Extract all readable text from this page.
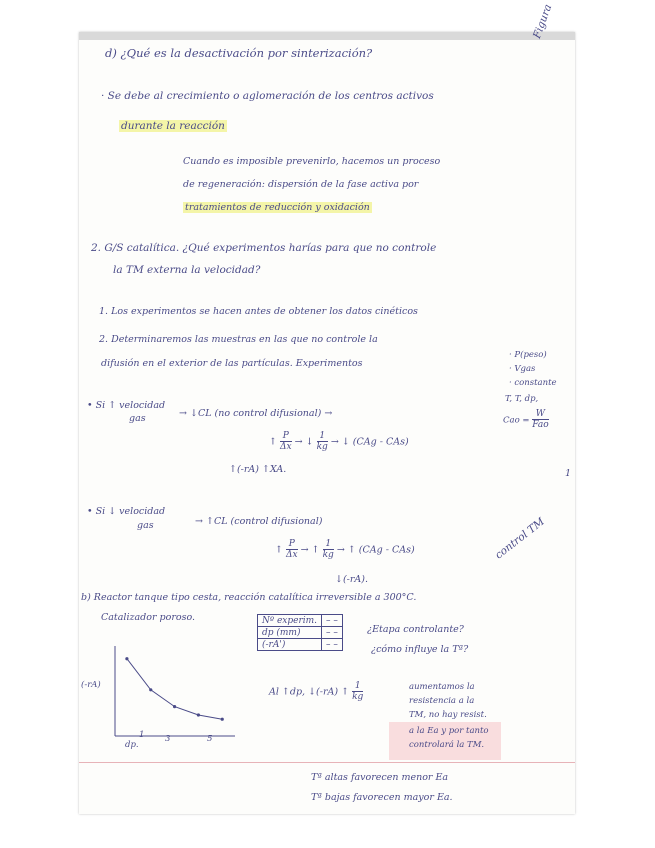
d) ¿Qué es la desactivación por sinterización?
Figura
· Se debe al crecimiento o aglomeración de los centros activos
durante la reacción
Cuando es imposible prevenirlo, hacemos un proceso
de regeneración: dispersión de la fase activa por
tratamientos de reducción y oxidación
2. G/S catalítica. ¿Qué experimentos harías para que no controle
la TM externa la velocidad?
1. Los experimentos se hacen antes de obtener los datos cinéticos
2. Determinaremos las muestras en las que no controle la
difusión en el exterior de las partículas. Experimentos
· P(peso)
· Vgas
· constante
T, T, dp,
Cao = $\frac{W}{\text{Fao}}$
• Si ↑ velocidad
gas	→ ↓CL (no control difusional) →
↑ $\frac{P}{\Delta x}$ → ↓ $\frac{1}{kg}$ → ↓ (CAg - CAs)
↑(-rA) ↑XA.	1
• Si ↓ velocidad
gas	→ ↑CL (control difusional)
↑ $\frac{P}{\Delta x}$ → ↑ $\frac{1}{kg}$ → ↑ (CAg - CAs)
↓(-rA).
control TM
b) Reactor tanque tipo cesta, reacción catalítica irreversible a 300°C.
Catalizador poroso.	Nº experim.	– –
dp (mm)	– –
(-rA')	– –
¿Etapa controlante?
¿cómo influye la Tª?
(-rA)
dp.
1 3	5
Al ↑dp, ↓(-rA) ↑ $\frac{1}{kg}$	aumentamos la
resistencia a la
TM, no hay resist.
a la Ea y por tanto
controlará la TM.
Tª altas favorecen menor Ea
Tª bajas favorecen mayor Ea.
